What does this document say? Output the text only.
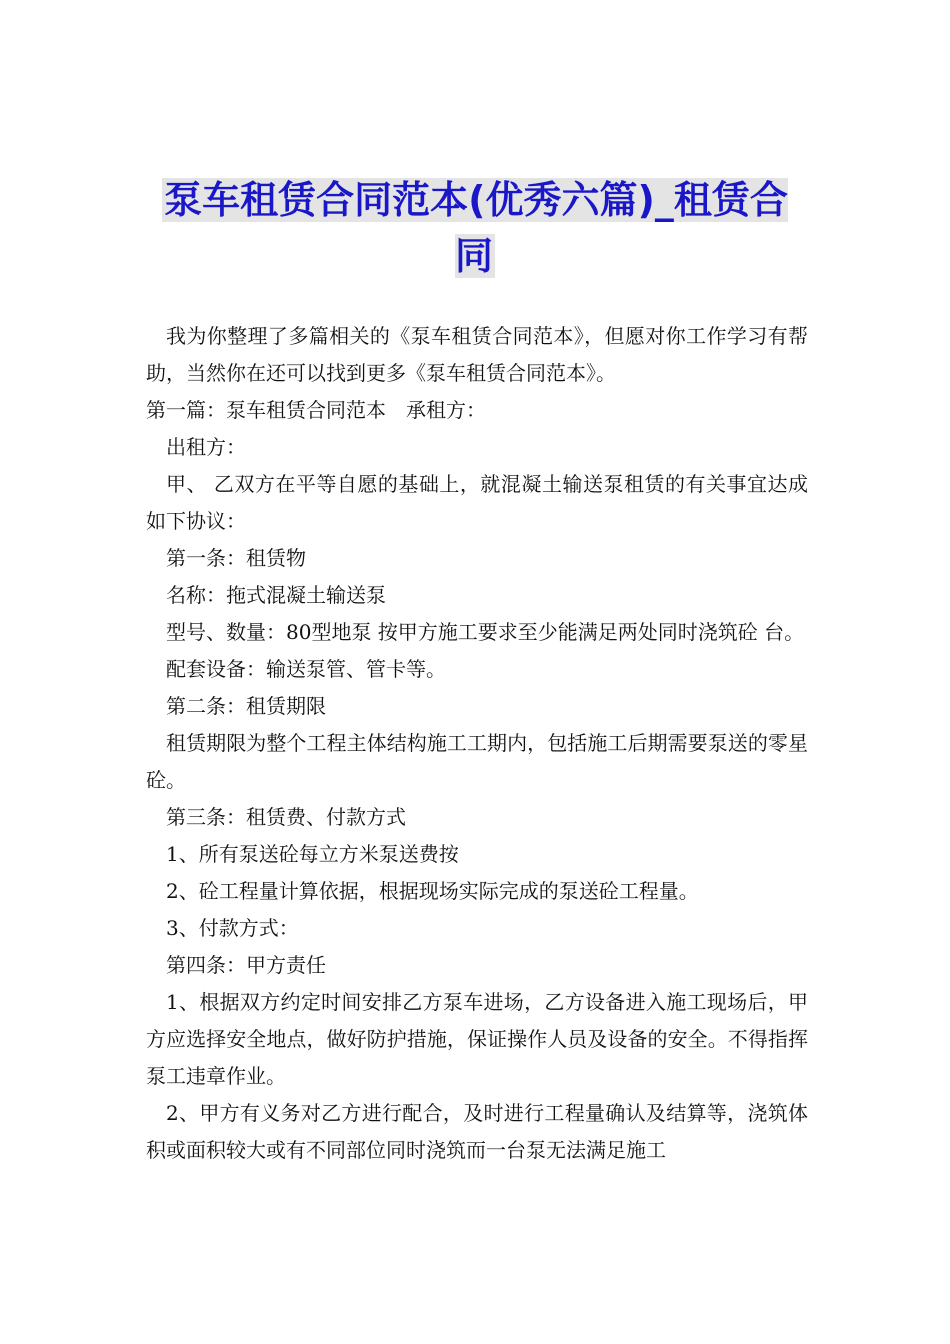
泵车租赁合同范本(优秀六篇)_租赁合同

我为你整理了多篇相关的《泵车租赁合同范本》，但愿对你工作学习有帮助，当然你在还可以找到更多《泵车租赁合同范本》。

第一篇：泵车租赁合同范本　承租方：

出租方：

甲、 乙双方在平等自愿的基础上，就混凝土输送泵租赁的有关事宜达成如下协议：

第一条：租赁物

名称：拖式混凝土输送泵

型号、数量：80型地泵 按甲方施工要求至少能满足两处同时浇筑砼 台。

配套设备：输送泵管、管卡等。

第二条：租赁期限

租赁期限为整个工程主体结构施工工期内，包括施工后期需要泵送的零星砼。

第三条：租赁费、付款方式

1、所有泵送砼每立方米泵送费按

2、砼工程量计算依据，根据现场实际完成的泵送砼工程量。

3、付款方式：

第四条：甲方责任

1、根据双方约定时间安排乙方泵车进场，乙方设备进入施工现场后，甲方应选择安全地点，做好防护措施，保证操作人员及设备的安全。不得指挥泵工违章作业。

2、甲方有义务对乙方进行配合，及时进行工程量确认及结算等，浇筑体积或面积较大或有不同部位同时浇筑而一台泵无法满足施工
